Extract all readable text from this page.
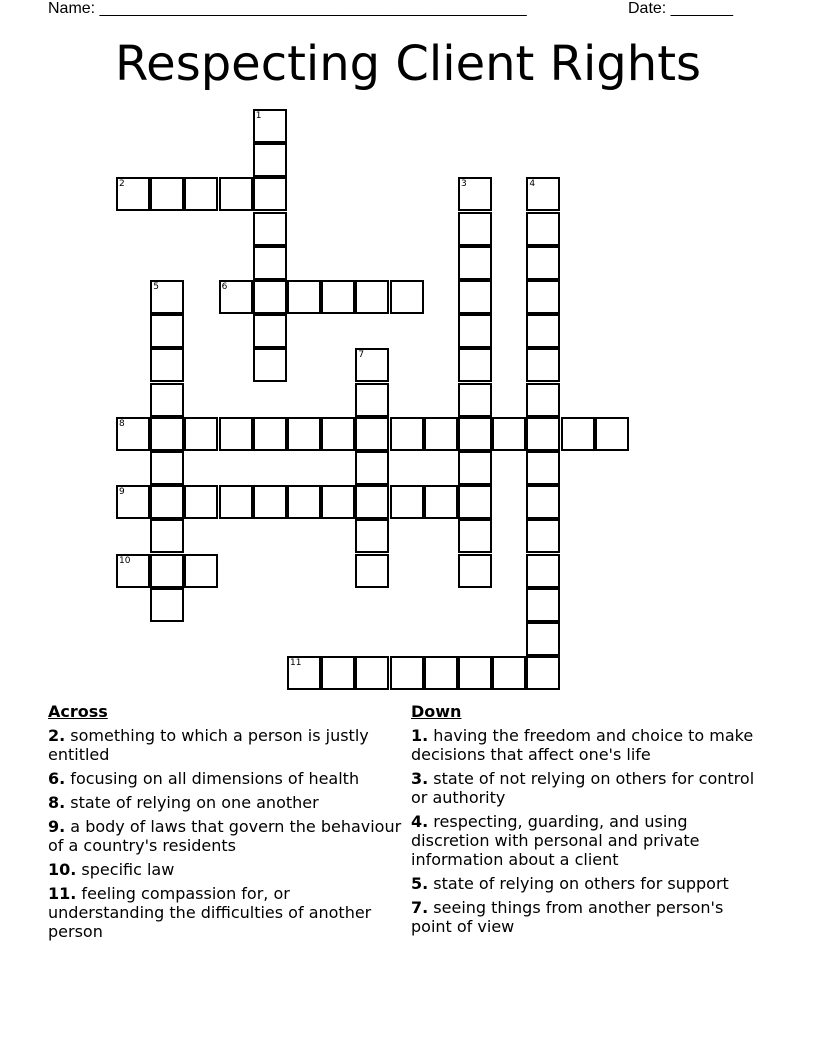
Name: ________________________________________________	Date: _______
Respecting Client Rights
1
2	3	4
5	6
7
8
9
10
11
Across
2. something to which a person is justly entitled
6. focusing on all dimensions of health
8. state of relying on one another
9. a body of laws that govern the behaviour of a country's residents
10. specific law
11. feeling compassion for, or understanding the difficulties of another person
Down
1. having the freedom and choice to make decisions that affect one's life
3. state of not relying on others for control or authority
4. respecting, guarding, and using discretion with personal and private information about a client
5. state of relying on others for support
7. seeing things from another person's point of view
